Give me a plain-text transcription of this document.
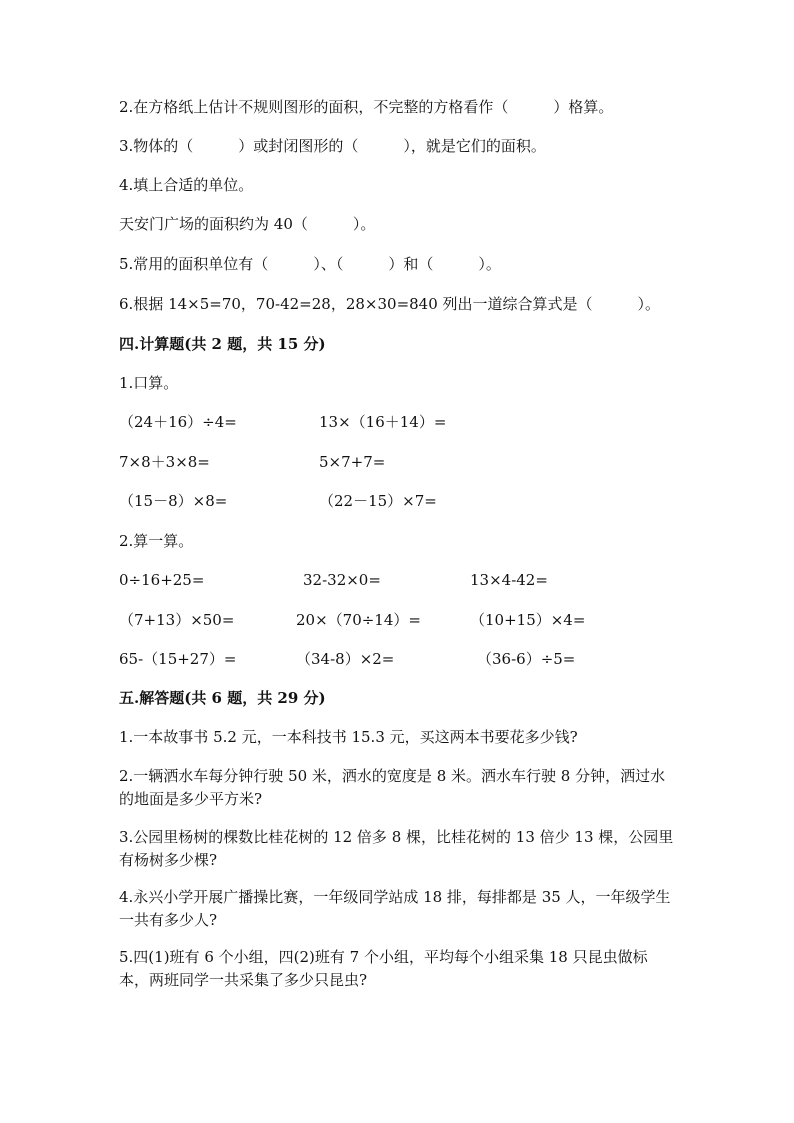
2.在方格纸上估计不规则图形的面积，不完整的方格看作（　　　）格算。
3.物体的（　　　）或封闭图形的（　　　），就是它们的面积。
4.填上合适的单位。
天安门广场的面积约为 40（　　　）。
5.常用的面积单位有（　　　）、（　　　）和（　　　）。
6.根据 14×5=70，70-42=28，28×30=840 列出一道综合算式是（　　　）。
四.计算题(共 2 题，共 15 分)
1.口算。
（24＋16）÷4=	13×（16＋14）=
7×8＋3×8=	5×7+7=
（15－8）×8=	（22－15）×7=
2.算一算。
0÷16+25=	32-32×0=	13×4-42=
（7+13）×50=	20×（70÷14）=	（10+15）×4=
65-（15+27）=	（34-8）×2=	（36-6）÷5=
五.解答题(共 6 题，共 29 分)
1.一本故事书 5.2 元，一本科技书 15.3 元，买这两本书要花多少钱?
2.一辆洒水车每分钟行驶 50 米，洒水的宽度是 8 米。洒水车行驶 8 分钟，洒过水的地面是多少平方米?
3.公园里杨树的棵数比桂花树的 12 倍多 8 棵，比桂花树的 13 倍少 13 棵，公园里有杨树多少棵?
4.永兴小学开展广播操比赛，一年级同学站成 18 排，每排都是 35 人，一年级学生一共有多少人?
5.四(1)班有 6 个小组，四(2)班有 7 个小组，平均每个小组采集 18 只昆虫做标本，两班同学一共采集了多少只昆虫?
